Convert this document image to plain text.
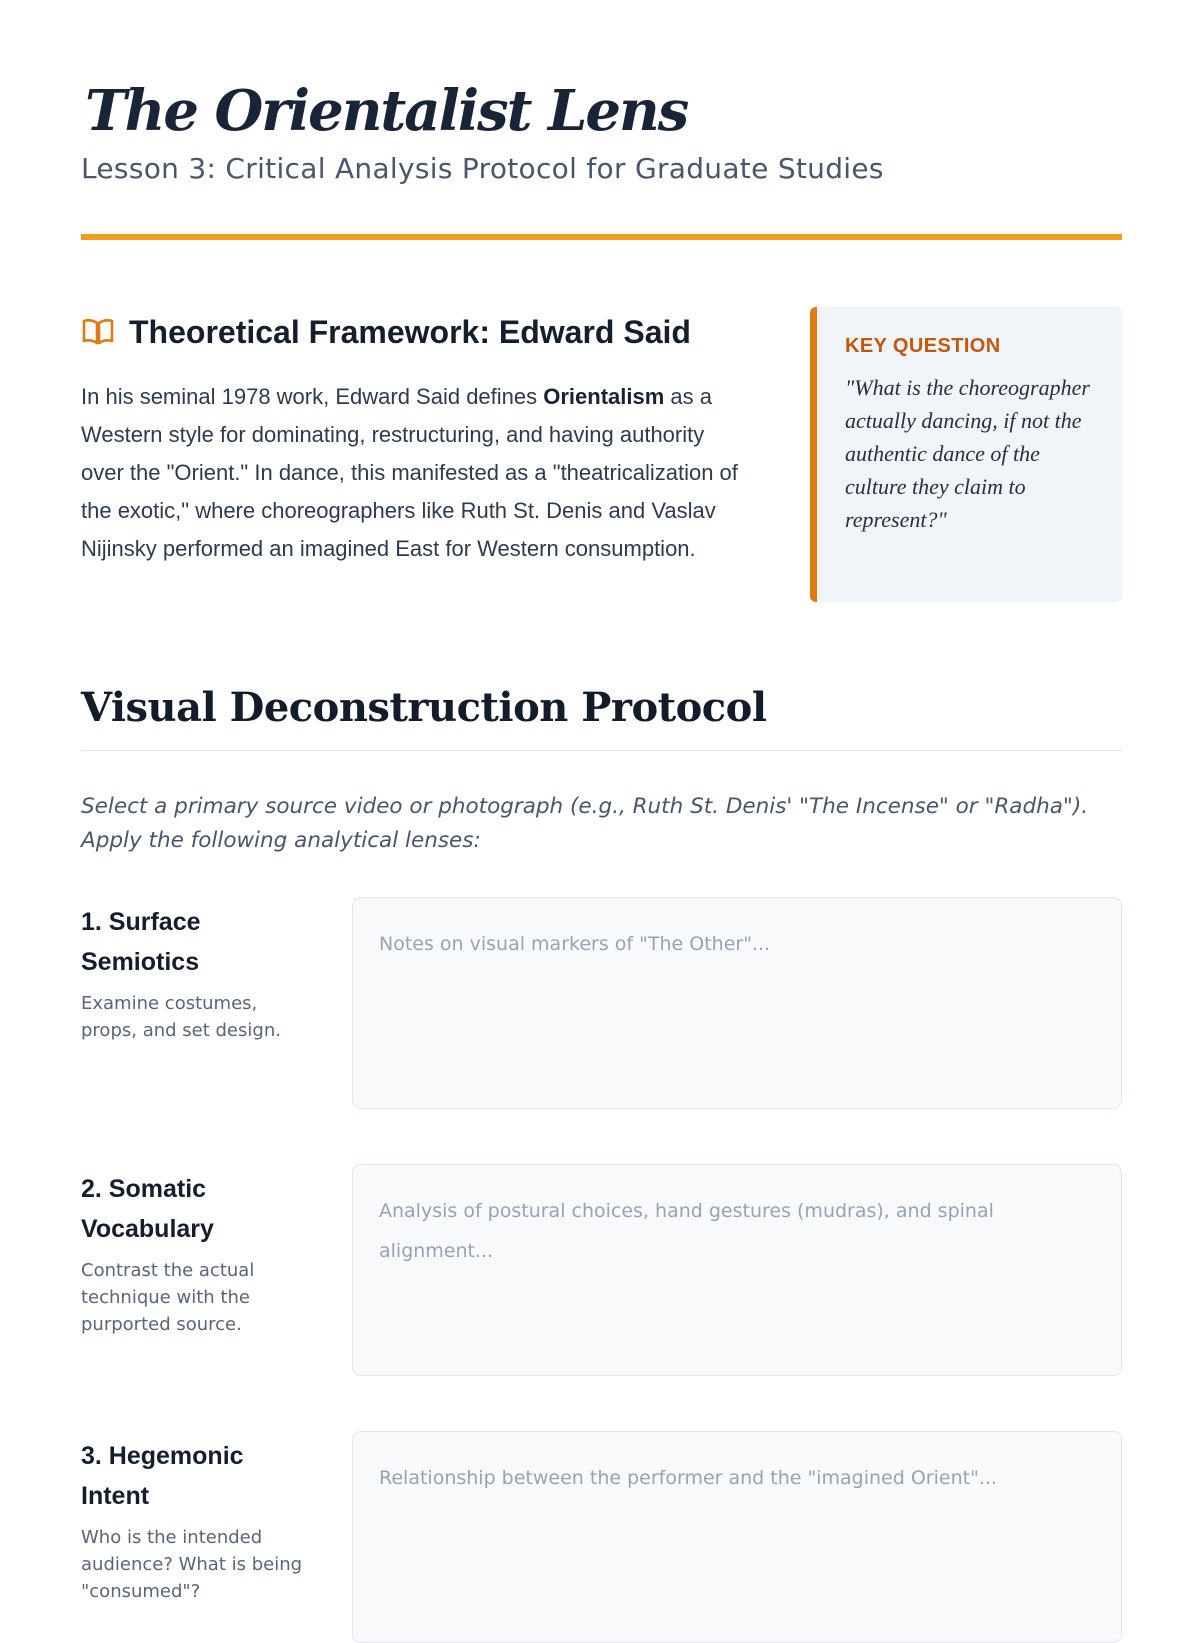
The Orientalist Lens

Lesson 3: Critical Analysis Protocol for Graduate Studies

Theoretical Framework: Edward Said

In his seminal 1978 work, Edward Said defines Orientalism as a Western style for dominating, restructuring, and having authority over the "Orient." In dance, this manifested as a "theatricalization of the exotic," where choreographers like Ruth St. Denis and Vaslav Nijinsky performed an imagined East for Western consumption.

KEY QUESTION

"What is the choreographer actually dancing, if not the authentic dance of the culture they claim to represent?"

Visual Deconstruction Protocol

Select a primary source video or photograph (e.g., Ruth St. Denis' "The Incense" or "Radha"). Apply the following analytical lenses:

1. Surface Semiotics

Examine costumes, props, and set design.

Notes on visual markers of "The Other"...
2. Somatic Vocabulary

Contrast the actual technique with the purported source.

Analysis of postural choices, hand gestures (mudras), and spinal alignment...
3. Hegemonic Intent

Who is the intended audience? What is being "consumed"?

Relationship between the performer and the "imagined Orient"...
